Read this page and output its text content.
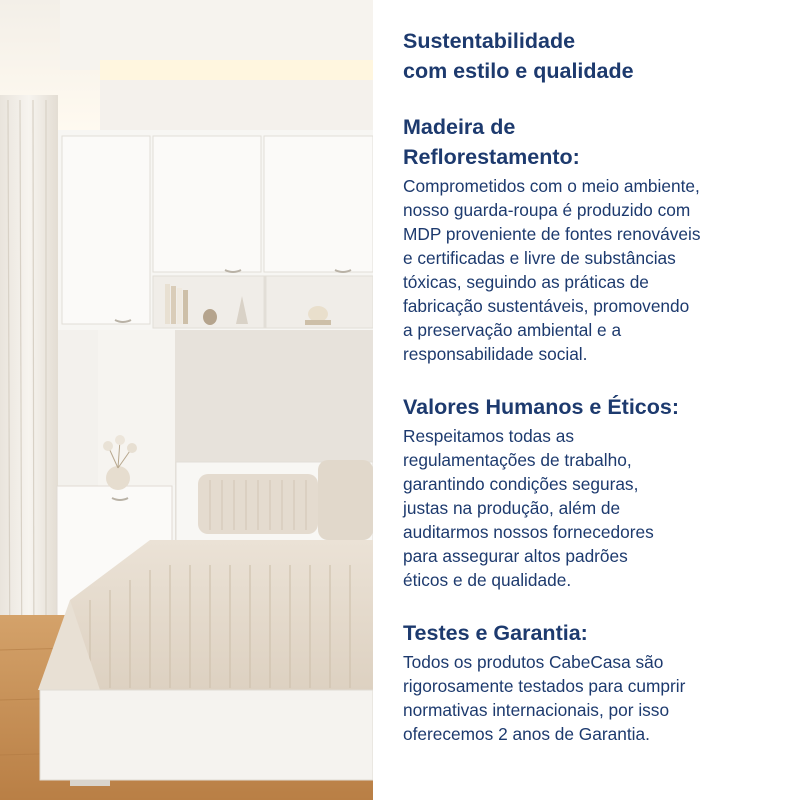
Sustentabilidade
com estilo e qualidade
Madeira de
Reflorestamento:

Comprometidos com o meio ambiente,
nosso guarda-roupa é produzido com
MDP proveniente de fontes renováveis
e certificadas e livre de substâncias
tóxicas, seguindo as práticas de
fabricação sustentáveis, promovendo
a preservação ambiental e a
responsabilidade social.

Valores Humanos e Éticos:

Respeitamos todas as
regulamentações de trabalho,
garantindo condições seguras,
justas na produção, além de
auditarmos nossos fornecedores
para assegurar altos padrões
éticos e de qualidade.

Testes e Garantia:

Todos os produtos CabeCasa são
rigorosamente testados para cumprir
normativas internacionais, por isso
oferecemos 2 anos de Garantia.
